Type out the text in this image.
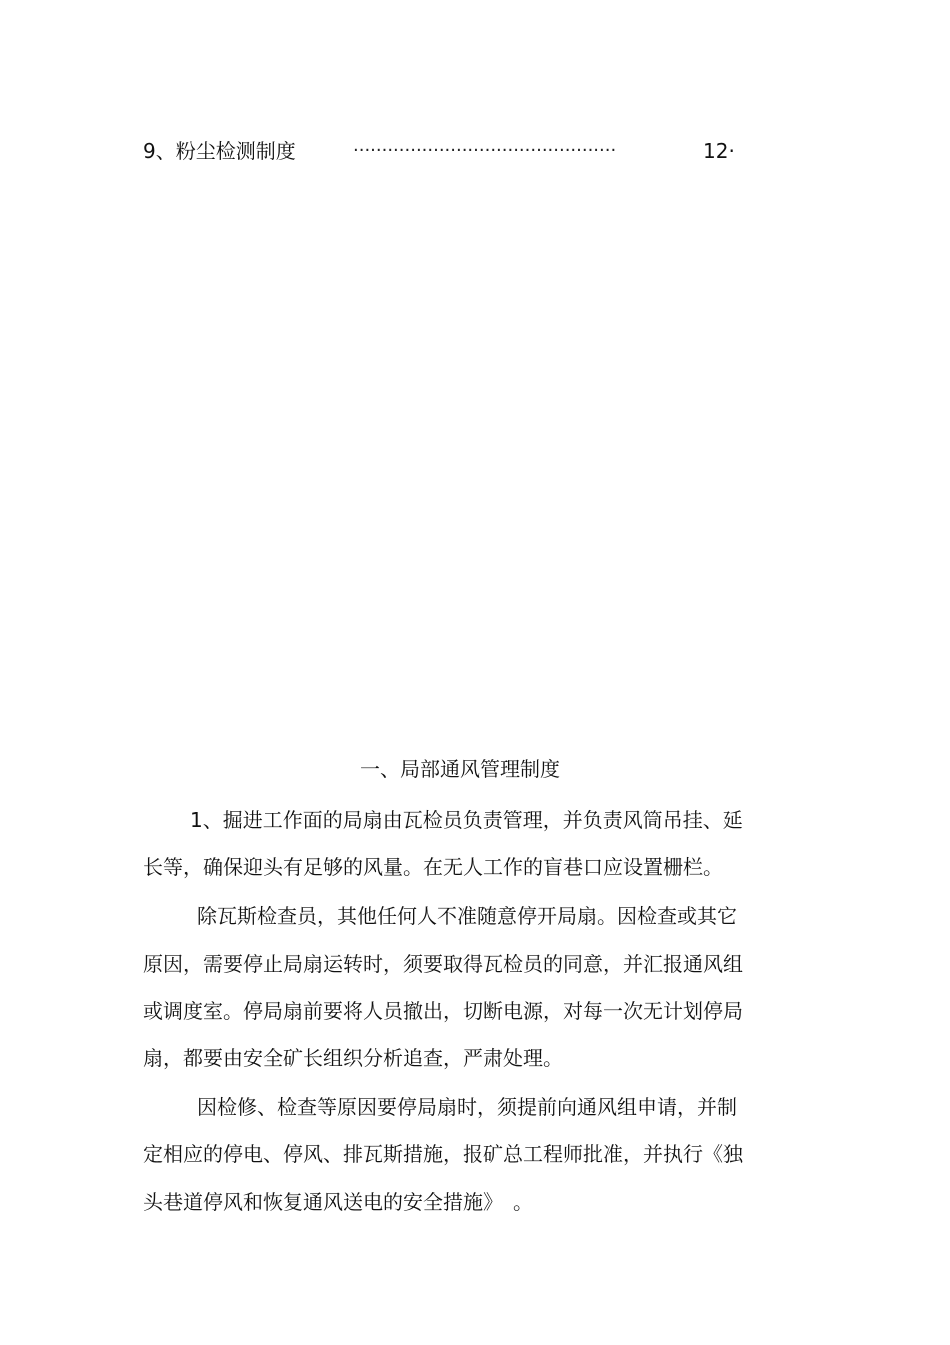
9、粉尘检测制度	··············································	12·
一、局部通风管理制度
1、掘进工作面的局扇由瓦检员负责管理，并负责风筒吊挂、延
长等，确保迎头有足够的风量。在无人工作的盲巷口应设置栅栏。
除瓦斯检查员，其他任何人不准随意停开局扇。因检查或其它
原因，需要停止局扇运转时，须要取得瓦检员的同意，并汇报通风组
或调度室。停局扇前要将人员撤出，切断电源，对每一次无计划停局
扇，都要由安全矿长组织分析追查，严肃处理。
因检修、检查等原因要停局扇时，须提前向通风组申请，并制
定相应的停电、停风、排瓦斯措施，报矿总工程师批准，并执行《独
头巷道停风和恢复通风送电的安全措施》　。
